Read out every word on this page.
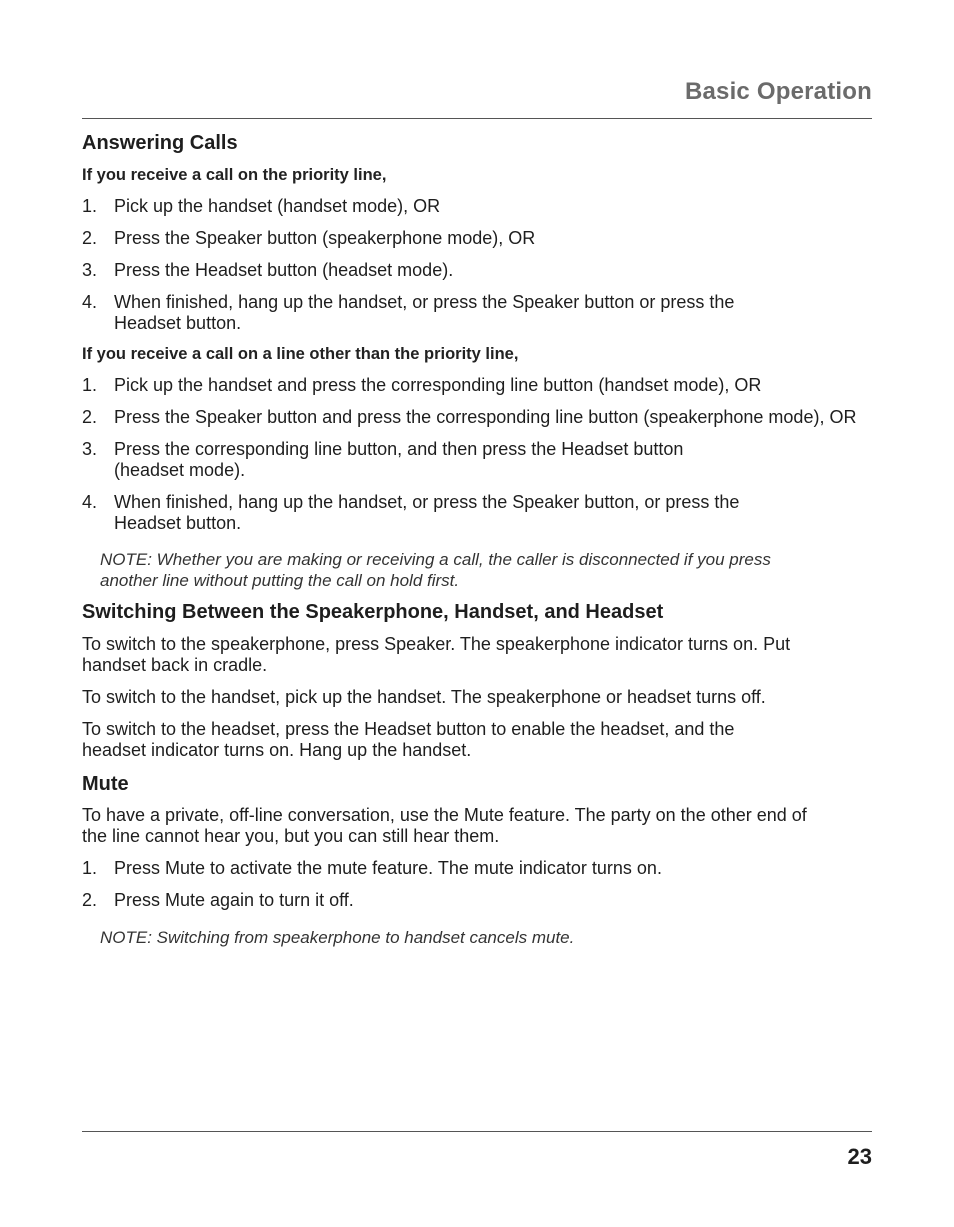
Basic Operation
Answering Calls

If you receive a call on the priority line,

1. Pick up the handset (handset mode), OR
2. Press the Speaker button (speakerphone mode), OR
3. Press the Headset button (headset mode).
4. When finished, hang up the handset, or press the Speaker button or press the Headset button.

If you receive a call on a line other than the priority line,

1. Pick up the handset and press the corresponding line button (handset mode), OR
2. Press the Speaker button and press the corresponding line button (speakerphone mode), OR
3. Press the corresponding line button, and then press the Headset button (headset mode).
4. When finished, hang up the handset, or press the Speaker button, or press the Headset button.

NOTE: Whether you are making or receiving a call, the caller is disconnected if you press another line without putting the call on hold first.

Switching Between the Speakerphone, Handset, and Headset

To switch to the speakerphone, press Speaker. The speakerphone indicator turns on. Put handset back in cradle.

To switch to the handset, pick up the handset. The speakerphone or headset turns off.

To switch to the headset, press the Headset button to enable the headset, and the headset indicator turns on. Hang up the handset.

Mute

To have a private, off-line conversation, use the Mute feature. The party on the other end of the line cannot hear you, but you can still hear them.

1. Press Mute to activate the mute feature. The mute indicator turns on.
2. Press Mute again to turn it off.

NOTE: Switching from speakerphone to handset cancels mute.

23
